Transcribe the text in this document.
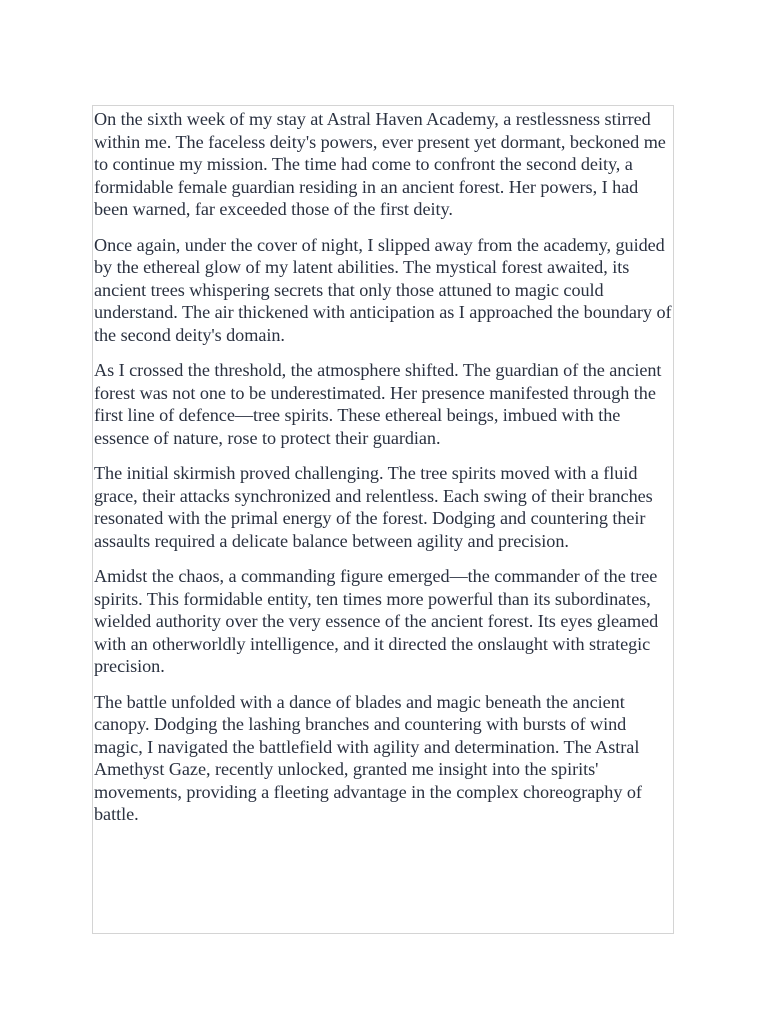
On the sixth week of my stay at Astral Haven Academy, a restlessness stirred within me. The faceless deity's powers, ever present yet dormant, beckoned me to continue my mission. The time had come to confront the second deity, a formidable female guardian residing in an ancient forest. Her powers, I had been warned, far exceeded those of the first deity.

Once again, under the cover of night, I slipped away from the academy, guided by the ethereal glow of my latent abilities. The mystical forest awaited, its ancient trees whispering secrets that only those attuned to magic could understand. The air thickened with anticipation as I approached the boundary of the second deity's domain.

As I crossed the threshold, the atmosphere shifted. The guardian of the ancient forest was not one to be underestimated. Her presence manifested through the first line of defence—tree spirits. These ethereal beings, imbued with the essence of nature, rose to protect their guardian.

The initial skirmish proved challenging. The tree spirits moved with a fluid grace, their attacks synchronized and relentless. Each swing of their branches resonated with the primal energy of the forest. Dodging and countering their assaults required a delicate balance between agility and precision.

Amidst the chaos, a commanding figure emerged—the commander of the tree spirits. This formidable entity, ten times more powerful than its subordinates, wielded authority over the very essence of the ancient forest. Its eyes gleamed with an otherworldly intelligence, and it directed the onslaught with strategic precision.

The battle unfolded with a dance of blades and magic beneath the ancient canopy. Dodging the lashing branches and countering with bursts of wind magic, I navigated the battlefield with agility and determination. The Astral Amethyst Gaze, recently unlocked, granted me insight into the spirits' movements, providing a fleeting advantage in the complex choreography of battle.
